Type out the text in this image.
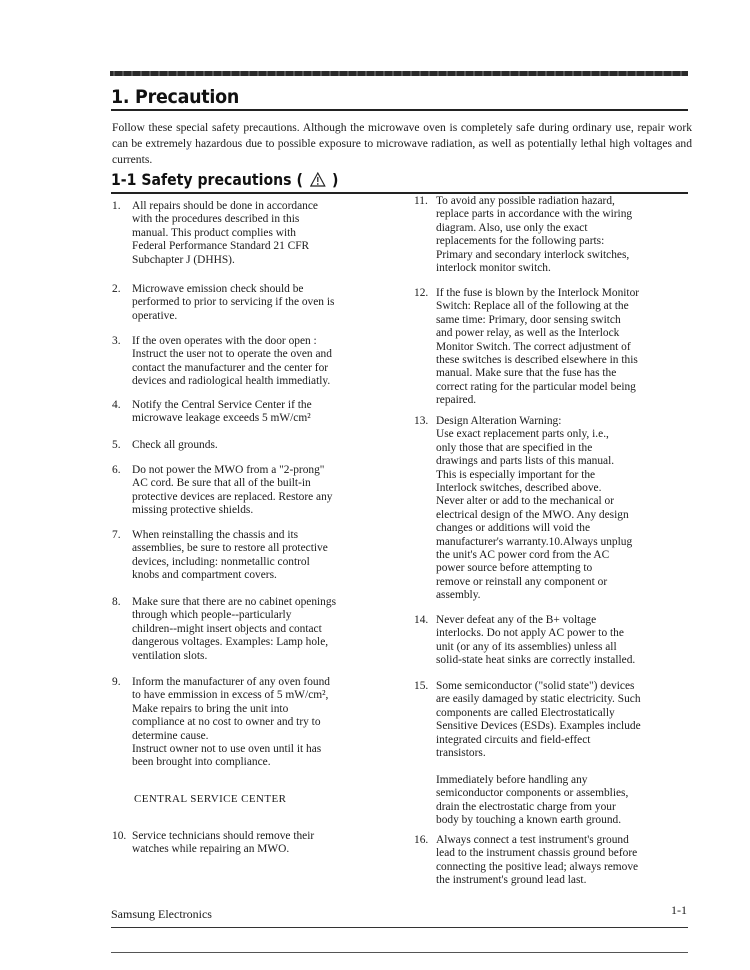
1. Precaution

Follow these special safety precautions. Although the microwave oven is completely safe during ordinary use, repair work can be extremely hazardous due to possible exposure to microwave radiation, as well as potentially lethal high voltages and currents.

1-1 Safety precautions ( )
1. All repairs should be done in accordance
with the procedures described in this
manual. This product complies with
Federal Performance Standard 21 CFR
Subchapter J (DHHS).
2. Microwave emission check should be
performed to prior to servicing if the oven is
operative.
3. If the oven operates with the door open :
Instruct the user not to operate the oven and
contact the manufacturer and the center for
devices and radiological health immediatly.
4. Notify the Central Service Center if the
microwave leakage exceeds 5 mW/cm²
5. Check all grounds.
6. Do not power the MWO from a "2-prong"
AC cord. Be sure that all of the built-in
protective devices are replaced. Restore any
missing protective shields.
7. When reinstalling the chassis and its
assemblies, be sure to restore all protective
devices, including: nonmetallic control
knobs and compartment covers.
8. Make sure that there are no cabinet openings
through which people--particularly
children--might insert objects and contact
dangerous voltages. Examples: Lamp hole,
ventilation slots.
9. Inform the manufacturer of any oven found
to have emmission in excess of 5 mW/cm²,
Make repairs to bring the unit into
compliance at no cost to owner and try to
determine cause.
Instruct owner not to use oven until it has
been brought into compliance.
CENTRAL SERVICE CENTER
10. Service technicians should remove their
watches while repairing an MWO.
11. To avoid any possible radiation hazard,
replace parts in accordance with the wiring
diagram. Also, use only the exact
replacements for the following parts:
Primary and secondary interlock switches,
interlock monitor switch.
12. If the fuse is blown by the Interlock Monitor
Switch: Replace all of the following at the
same time: Primary, door sensing switch
and power relay, as well as the Interlock
Monitor Switch. The correct adjustment of
these switches is described elsewhere in this
manual. Make sure that the fuse has the
correct rating for the particular model being
repaired.
13. Design Alteration Warning:
Use exact replacement parts only, i.e.,
only those that are specified in the
drawings and parts lists of this manual.
This is especially important for the
Interlock switches, described above.
Never alter or add to the mechanical or
electrical design of the MWO. Any design
changes or additions will void the
manufacturer's warranty.10.Always unplug
the unit's AC power cord from the AC
power source before attempting to
remove or reinstall any component or
assembly.
14. Never defeat any of the B+ voltage
interlocks. Do not apply AC power to the
unit (or any of its assemblies) unless all
solid-state heat sinks are correctly installed.
15. Some semiconductor ("solid state") devices
are easily damaged by static electricity. Such
components are called Electrostatically
Sensitive Devices (ESDs). Examples include
integrated circuits and field-effect
transistors.

Immediately before handling any
semiconductor components or assemblies,
drain the electrostatic charge from your
body by touching a known earth ground.
16. Always connect a test instrument's ground
lead to the instrument chassis ground before
connecting the positive lead; always remove
the instrument's ground lead last.
Samsung Electronics	1-1
